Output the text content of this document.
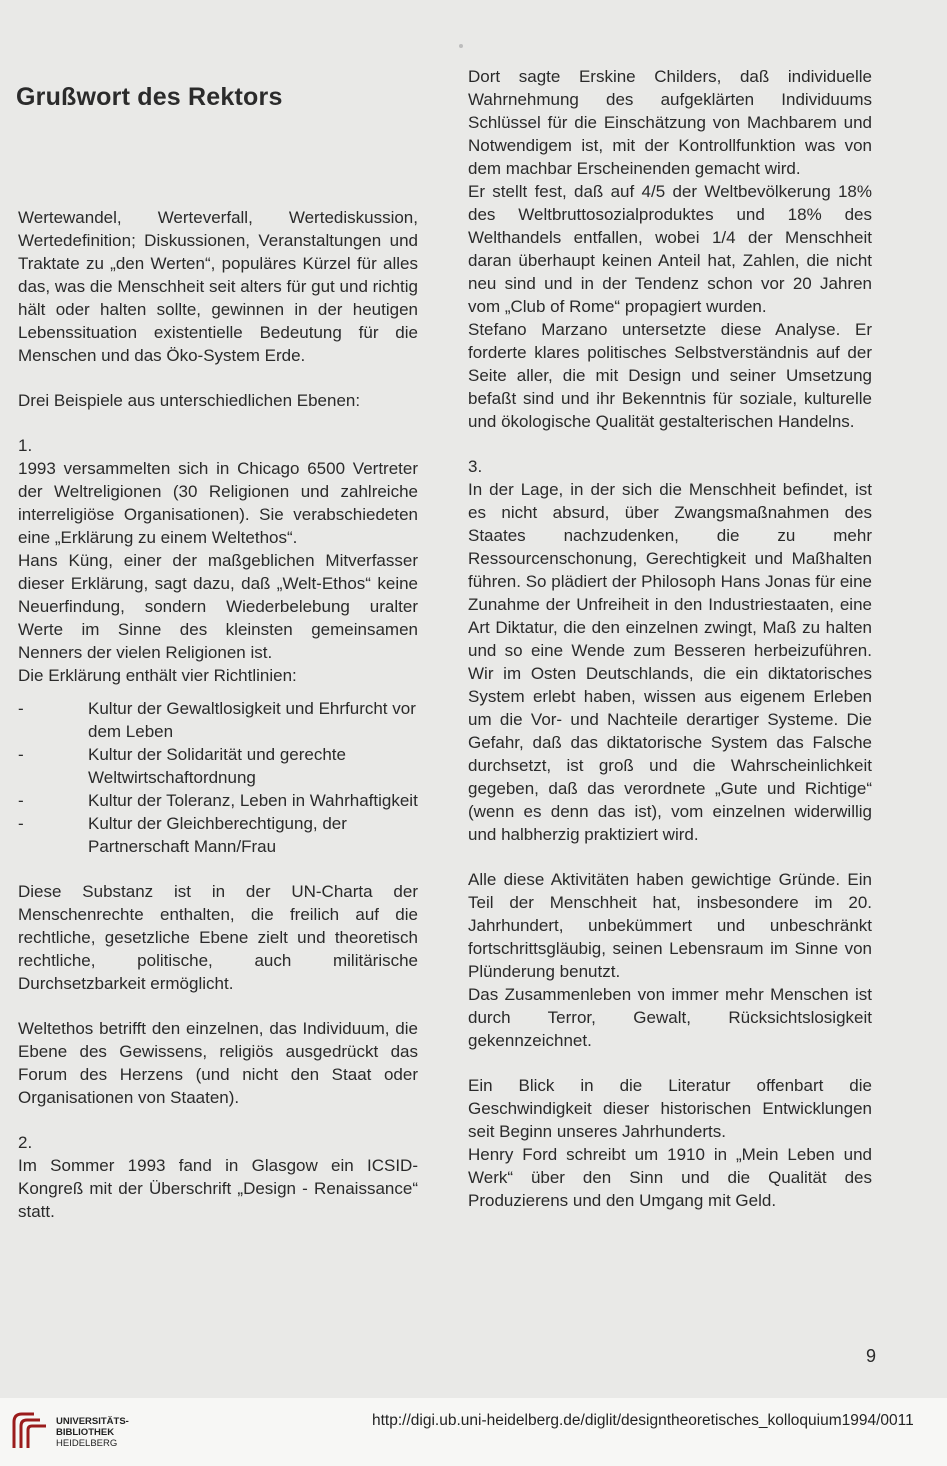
Grußwort des Rektors

Wertewandel, Werteverfall, Wertediskussion, Wertedefinition; Diskussionen, Veranstaltungen und Traktate zu „den Werten“, populäres Kürzel für alles das, was die Menschheit seit alters für gut und richtig hält oder halten sollte, gewinnen in der heutigen Lebenssituation existentielle Bedeutung für die Menschen und das Öko-System Erde.

Drei Beispiele aus unterschiedlichen Ebenen:

1.

1993 versammelten sich in Chicago 6500 Vertreter der Weltreligionen (30 Religionen und zahlreiche interreligiöse Organisationen). Sie verabschiedeten eine „Erklärung zu einem Weltethos“.

Hans Küng, einer der maßgeblichen Mitverfasser dieser Erklärung, sagt dazu, daß „Welt-Ethos“ keine Neuerfindung, sondern Wiederbelebung uralter Werte im Sinne des kleinsten gemeinsamen Nenners der vielen Religionen ist.

Die Erklärung enthält vier Richtlinien:

-	Kultur der Gewaltlosigkeit und Ehrfurcht vor dem Leben
-	Kultur der Solidarität und gerechte Weltwirtschaftordnung
-	Kultur der Toleranz, Leben in Wahrhaftigkeit
-	Kultur der Gleichberechtigung, der Partnerschaft Mann/Frau

Diese Substanz ist in der UN-Charta der Menschenrechte enthalten, die freilich auf die rechtliche, gesetzliche Ebene zielt und theoretisch rechtliche, politische, auch militärische Durchsetzbarkeit ermöglicht.

Weltethos betrifft den einzelnen, das Individuum, die Ebene des Gewissens, religiös ausgedrückt das Forum des Herzens (und nicht den Staat oder Organisationen von Staaten).

2.

Im Sommer 1993 fand in Glasgow ein ICSID-Kongreß mit der Überschrift „Design - Renaissance“ statt.

Dort sagte Erskine Childers, daß individuelle Wahrnehmung des aufgeklärten Individuums Schlüssel für die Einschätzung von Machbarem und Notwendigem ist, mit der Kontrollfunktion was von dem machbar Erscheinenden gemacht wird.

Er stellt fest, daß auf 4/5 der Weltbevölkerung 18% des Weltbruttosozialproduktes und 18% des Welthandels entfallen, wobei 1/4 der Menschheit daran überhaupt keinen Anteil hat, Zahlen, die nicht neu sind und in der Tendenz schon vor 20 Jahren vom „Club of Rome“ propagiert wurden.

Stefano Marzano untersetzte diese Analyse. Er forderte klares politisches Selbstverständnis auf der Seite aller, die mit Design und seiner Umsetzung befaßt sind und ihr Bekenntnis für soziale, kulturelle und ökologische Qualität gestalterischen Handelns.

3.

In der Lage, in der sich die Menschheit befindet, ist es nicht absurd, über Zwangsmaßnahmen des Staates nachzudenken, die zu mehr Ressourcenschonung, Gerechtigkeit und Maßhalten führen. So plädiert der Philosoph Hans Jonas für eine Zunahme der Unfreiheit in den Industriestaaten, eine Art Diktatur, die den einzelnen zwingt, Maß zu halten und so eine Wende zum Besseren herbeizuführen. Wir im Osten Deutschlands, die ein diktatorisches System erlebt haben, wissen aus eigenem Erleben um die Vor- und Nachteile derartiger Systeme. Die Gefahr, daß das diktatorische System das Falsche durchsetzt, ist groß und die Wahrscheinlichkeit gegeben, daß das verordnete „Gute und Richtige“ (wenn es denn das ist), vom einzelnen widerwillig und halbherzig praktiziert wird.

Alle diese Aktivitäten haben gewichtige Gründe. Ein Teil der Menschheit hat, insbesondere im 20. Jahrhundert, unbekümmert und unbeschränkt fortschrittsgläubig, seinen Lebensraum im Sinne von Plünderung benutzt.

Das Zusammenleben von immer mehr Menschen ist durch Terror, Gewalt, Rücksichtslosigkeit gekennzeichnet.

Ein Blick in die Literatur offenbart die Geschwindigkeit dieser historischen Entwicklungen seit Beginn unseres Jahrhunderts.

Henry Ford schreibt um 1910 in „Mein Leben und Werk“ über den Sinn und die Qualität des Produzierens und den Umgang mit Geld.

9
UNIVERSITÄTS-
BIBLIOTHEK
HEIDELBERG
http://digi.ub.uni-heidelberg.de/diglit/designtheoretisches_kolloquium1994/0011
